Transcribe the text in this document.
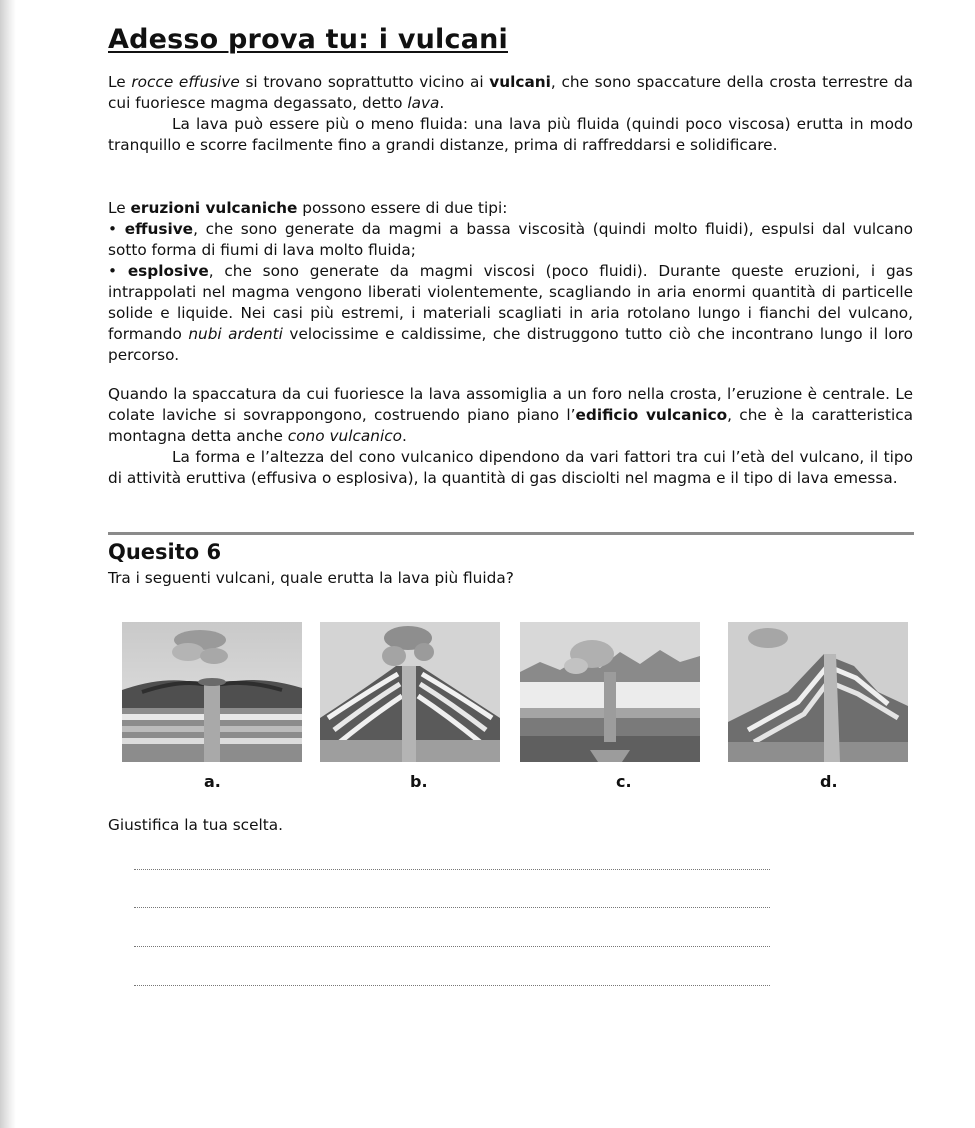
Adesso prova tu: i vulcani

Le rocce effusive si trovano soprattutto vicino ai vulcani, che sono spaccature della crosta terrestre da cui fuoriesce magma degassato, detto lava.

La lava può essere più o meno fluida: una lava più fluida (quindi poco viscosa) erutta in modo tranquillo e scorre facilmente fino a grandi distanze, prima di raffreddarsi e solidificare.

Le eruzioni vulcaniche possono essere di due tipi:

• effusive, che sono generate da magmi a bassa viscosità (quindi molto fluidi), espulsi dal vulcano sotto forma di fiumi di lava molto fluida;

• esplosive, che sono generate da magmi viscosi (poco fluidi). Durante queste eruzioni, i gas intrappolati nel magma vengono liberati violentemente, scagliando in aria enormi quantità di particelle solide e liquide. Nei casi più estremi, i materiali scagliati in aria rotolano lungo i fianchi del vulcano, formando nubi ardenti velocissime e caldissime, che distruggono tutto ciò che incontrano lungo il loro percorso.

Quando la spaccatura da cui fuoriesce la lava assomiglia a un foro nella crosta, l’eruzione è centrale. Le colate laviche si sovrappongono, costruendo piano piano l’edificio vulcanico, che è la caratteristica montagna detta anche cono vulcanico.

La forma e l’altezza del cono vulcanico dipendono da vari fattori tra cui l’età del vulcano, il tipo di attività eruttiva (effusiva o esplosiva), la quantità di gas disciolti nel magma e il tipo di lava emessa.

Quesito 6

Tra i seguenti vulcani, quale erutta la lava più fluida?

a.	b.	c.	d.

Giustifica la tua scelta.
